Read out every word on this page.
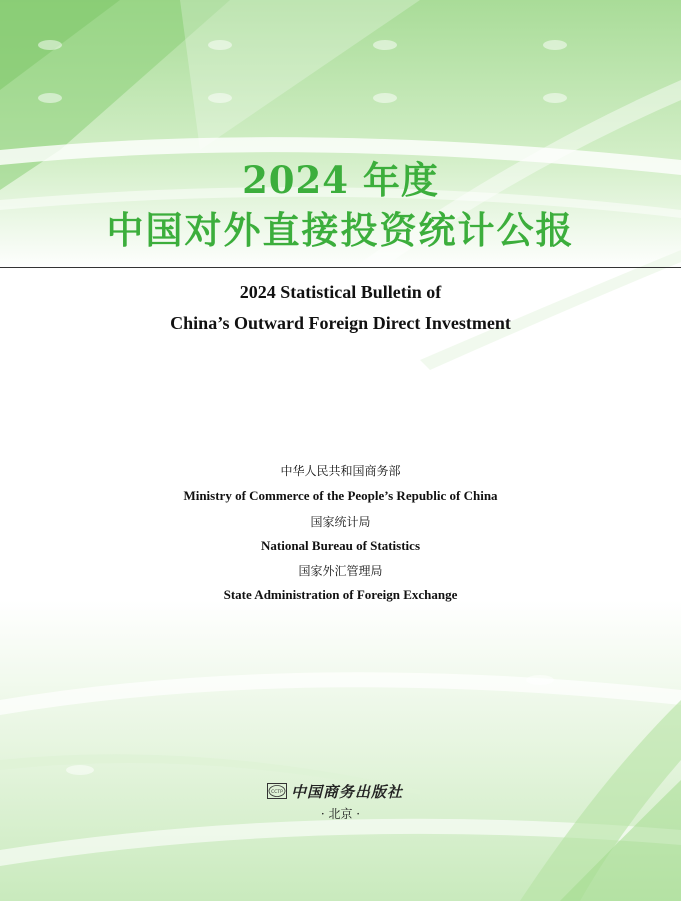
2024 年度
中国对外直接投资统计公报
2024 Statistical Bulletin of
China’s Outward Foreign Direct Investment
中华人民共和国商务部
Ministry of Commerce of the People’s Republic of China
国家统计局
National Bureau of Statistics
国家外汇管理局
State Administration of Foreign Exchange
CCTP 中国商务出版社
· 北京 ·
